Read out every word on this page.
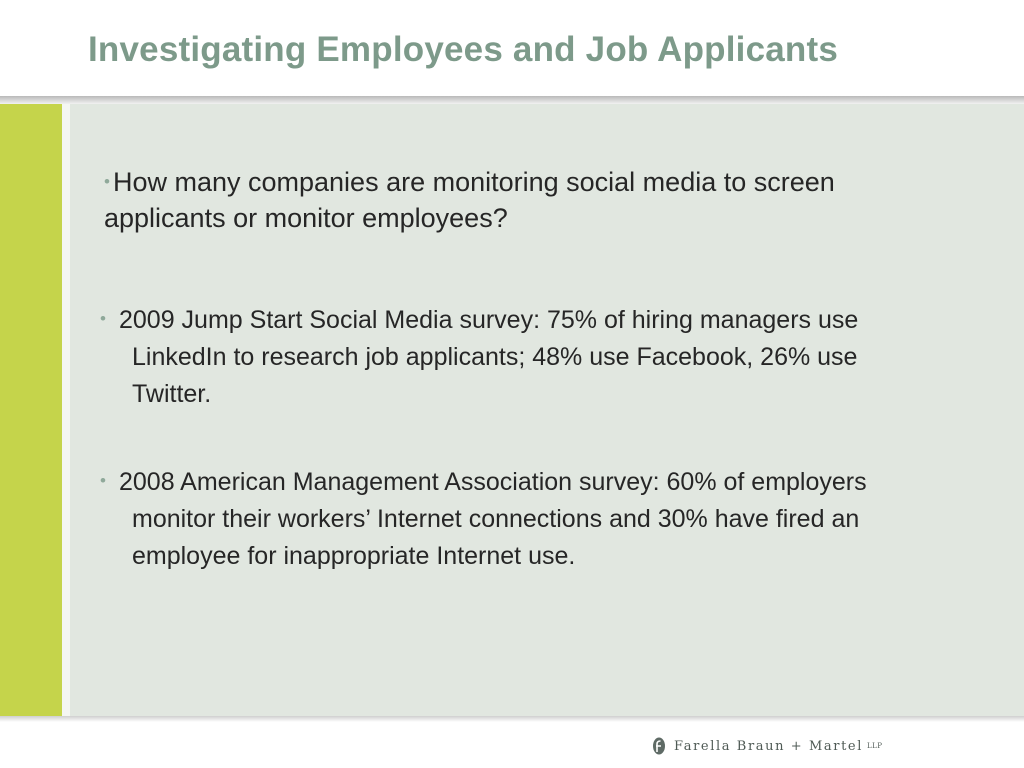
Investigating Employees and Job Applicants

• How many companies are monitoring social media to screen applicants or monitor employees?

2009 Jump Start Social Media survey: 75% of hiring managers use LinkedIn to research job applicants; 48% use Facebook, 26% use Twitter.

2008 American Management Association survey: 60% of employers monitor their workers’ Internet connections and 30% have fired an employee for inappropriate Internet use.

Farella Braun + Martel LLP
